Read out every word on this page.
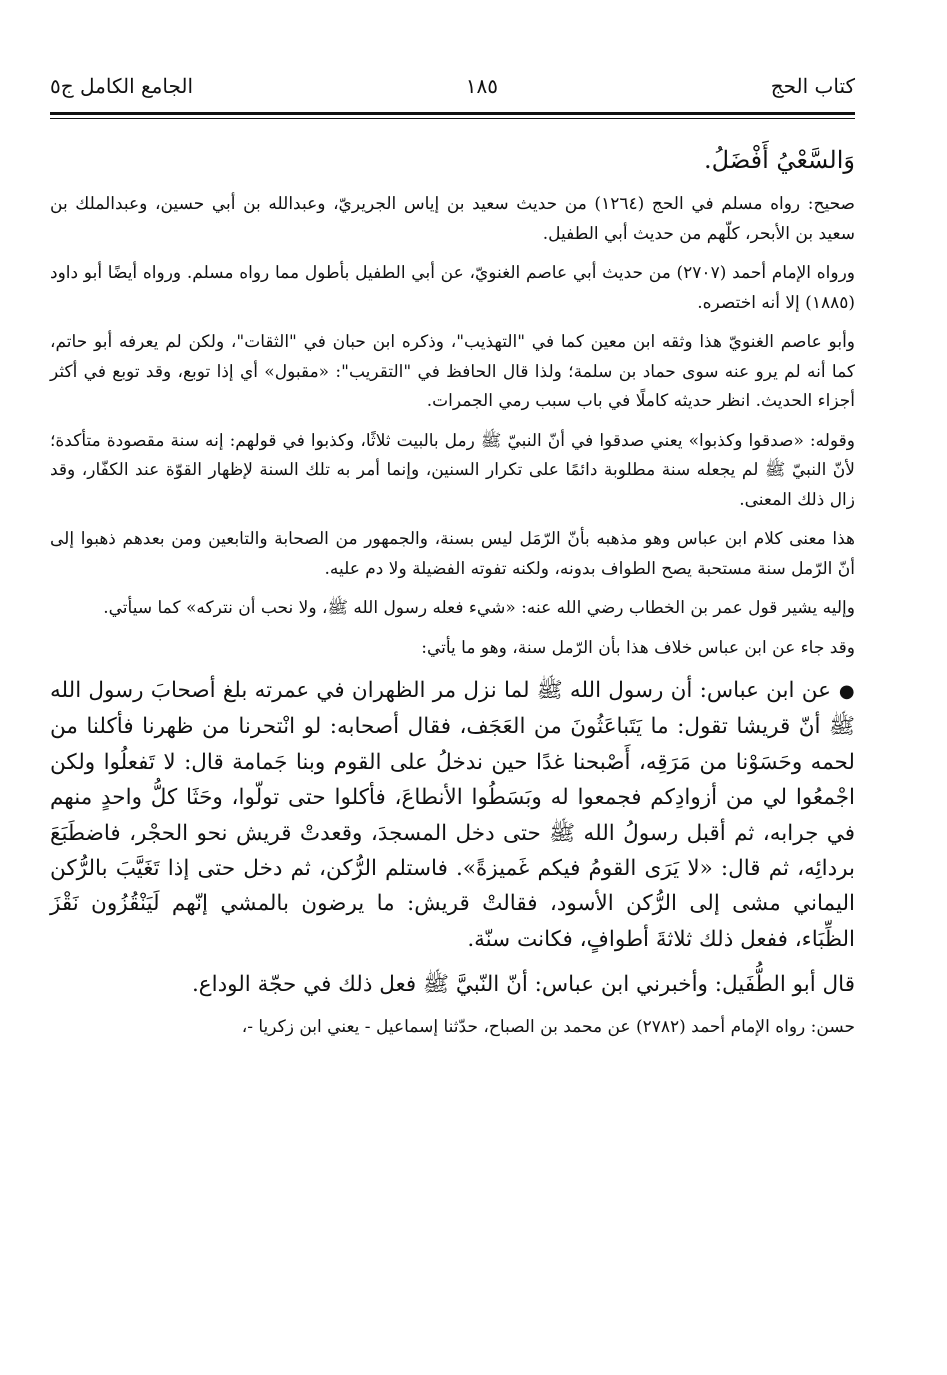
كتاب الحج
١٨٥
الجامع الكامل ج٥

وَالسَّعْيُ أَفْضَلُ.

صحيح: رواه مسلم في الحج (١٢٦٤) من حديث سعيد بن إياس الجريريّ، وعبدالله بن أبي حسين، وعبدالملك بن سعيد بن الأبحر، كلّهم من حديث أبي الطفيل.

ورواه الإمام أحمد (٢٧٠٧) من حديث أبي عاصم الغنويّ، عن أبي الطفيل بأطول مما رواه مسلم. ورواه أيضًا أبو داود (١٨٨٥) إلا أنه اختصره.

وأبو عاصم الغنويّ هذا وثقه ابن معين كما في "التهذيب"، وذكره ابن حبان في "الثقات"، ولكن لم يعرفه أبو حاتم، كما أنه لم يرو عنه سوى حماد بن سلمة؛ ولذا قال الحافظ في "التقريب": «مقبول» أي إذا توبع، وقد توبع في أكثر أجزاء الحديث. انظر حديثه كاملًا في باب سبب رمي الجمرات.

وقوله: «صدقوا وكذبوا» يعني صدقوا في أنّ النبيّ ﷺ رمل بالبيت ثلاثًا، وكذبوا في قولهم: إنه سنة مقصودة متأكدة؛ لأنّ النبيّ ﷺ لم يجعله سنة مطلوبة دائمًا على تكرار السنين، وإنما أمر به تلك السنة لإظهار القوّة عند الكفّار، وقد زال ذلك المعنى.

هذا معنى كلام ابن عباس وهو مذهبه بأنّ الرّمَل ليس بسنة، والجمهور من الصحابة والتابعين ومن بعدهم ذهبوا إلى أنّ الرّمل سنة مستحبة يصح الطواف بدونه، ولكنه تفوته الفضيلة ولا دم عليه.

وإليه يشير قول عمر بن الخطاب رضي الله عنه: «شيء فعله رسول الله ﷺ، ولا نحب أن نتركه» كما سيأتي.

وقد جاء عن ابن عباس خلاف هذا بأن الرّمل سنة، وهو ما يأتي:

●عن ابن عباس: أن رسول الله ﷺ لما نزل مر الظهران في عمرته بلغ أصحابَ رسول الله ﷺ أنّ قريشا تقول: ما يَتَباعَثُونَ من العَجَف، فقال أصحابه: لو انْتحرنا من ظهرنا فأكلنا من لحمه وحَسَوْنا من مَرَقِه، أَصْبحنا غدًا حين ندخلُ على القوم وبنا جَمامة قال: لا تَفعلُوا ولكن اجْمعُوا لي من أزوادِكم فجمعوا له وبَسَطُوا الأنطاعَ، فأكلوا حتى تولّوا، وحَثَا كلُّ واحدٍ منهم في جرابه، ثم أقبل رسولُ الله ﷺ حتى دخل المسجدَ، وقعدتْ قريش نحو الحجْر، فاضطَبَعَ بردائِه، ثم قال: «لا يَرَى القومُ فيكم غَميزةً». فاستلم الرُّكن، ثم دخل حتى إذا تَغَيَّبَ بالرُّكن اليماني مشى إلى الرُّكن الأسود، فقالتْ قريش: ما يرضون بالمشي إنّهم لَيَنْقُزُون نَقْزَ الظِّبَاء، ففعل ذلك ثلاثةَ أطوافٍ، فكانت سنّة.

قال أبو الطُّفَيل: وأخبرني ابن عباس: أنّ النّبيَّ ﷺ فعل ذلك في حجّة الوداع.

حسن: رواه الإمام أحمد (٢٧٨٢) عن محمد بن الصباح، حدّثنا إسماعيل - يعني ابن زكريا -،
